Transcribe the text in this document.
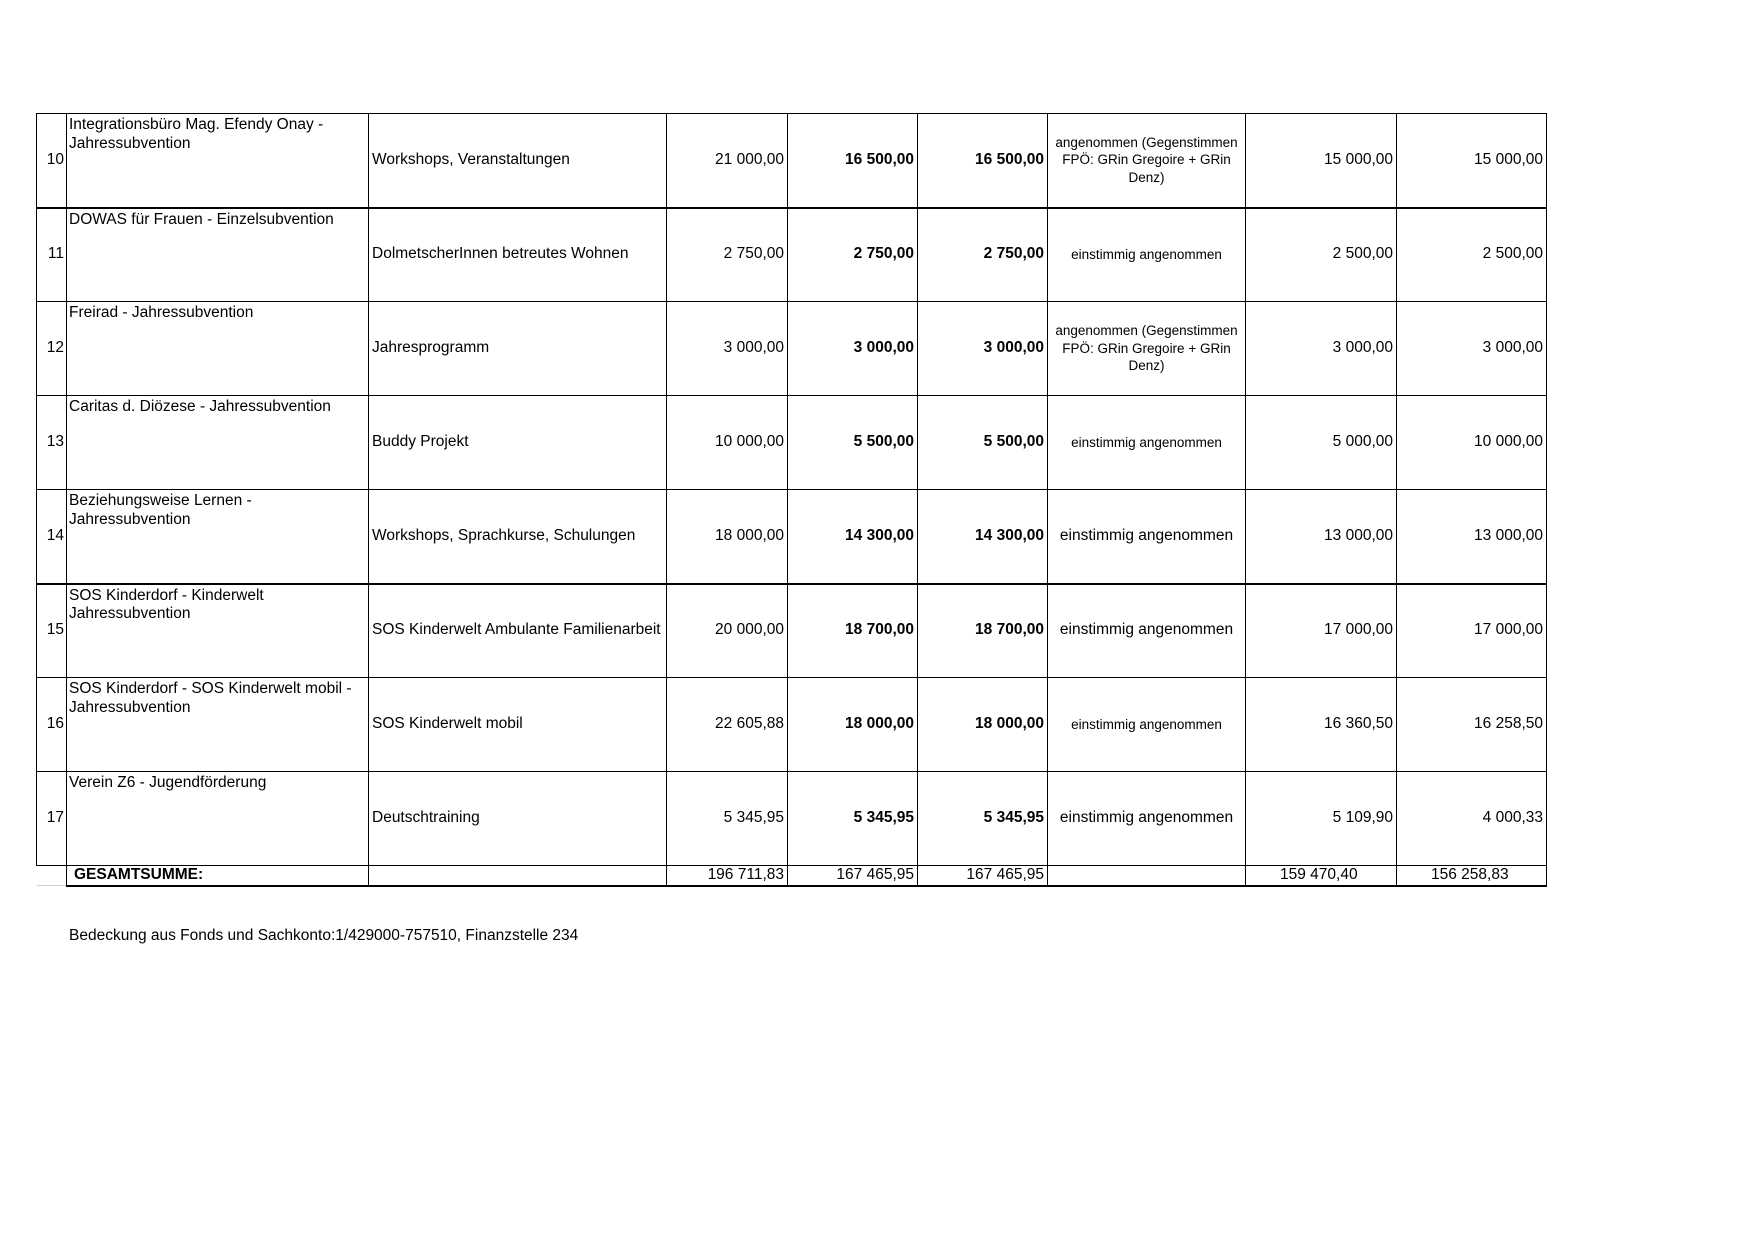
10	Integrationsbüro Mag. Efendy Onay - Jahressubvention	Workshops, Veranstaltungen	21 000,00	16 500,00	16 500,00	angenommen (Gegenstimmen FPÖ: GRin Gregoire + GRin Denz)	15 000,00	15 000,00
11	DOWAS für Frauen - Einzelsubvention	DolmetscherInnen betreutes Wohnen	2 750,00	2 750,00	2 750,00	einstimmig angenommen	2 500,00	2 500,00
12	Freirad - Jahressubvention	Jahresprogramm	3 000,00	3 000,00	3 000,00	angenommen (Gegenstimmen FPÖ: GRin Gregoire + GRin Denz)	3 000,00	3 000,00
13	Caritas d. Diözese - Jahressubvention	Buddy Projekt	10 000,00	5 500,00	5 500,00	einstimmig angenommen	5 000,00	10 000,00
14	Beziehungsweise Lernen - Jahressubvention	Workshops, Sprachkurse, Schulungen	18 000,00	14 300,00	14 300,00	einstimmig angenommen	13 000,00	13 000,00
15	SOS Kinderdorf - Kinderwelt Jahressubvention	SOS Kinderwelt Ambulante Familienarbeit	20 000,00	18 700,00	18 700,00	einstimmig angenommen	17 000,00	17 000,00
16	SOS Kinderdorf - SOS Kinderwelt mobil - Jahressubvention	SOS Kinderwelt mobil	22 605,88	18 000,00	18 000,00	einstimmig angenommen	16 360,50	16 258,50
17	Verein Z6 - Jugendförderung	Deutschtraining	5 345,95	5 345,95	5 345,95	einstimmig angenommen	5 109,90	4 000,33
	GESAMTSUMME:		196 711,83	167 465,95	167 465,95		159 470,40	156 258,83

Bedeckung aus Fonds und Sachkonto:1/429000-757510, Finanzstelle 234
